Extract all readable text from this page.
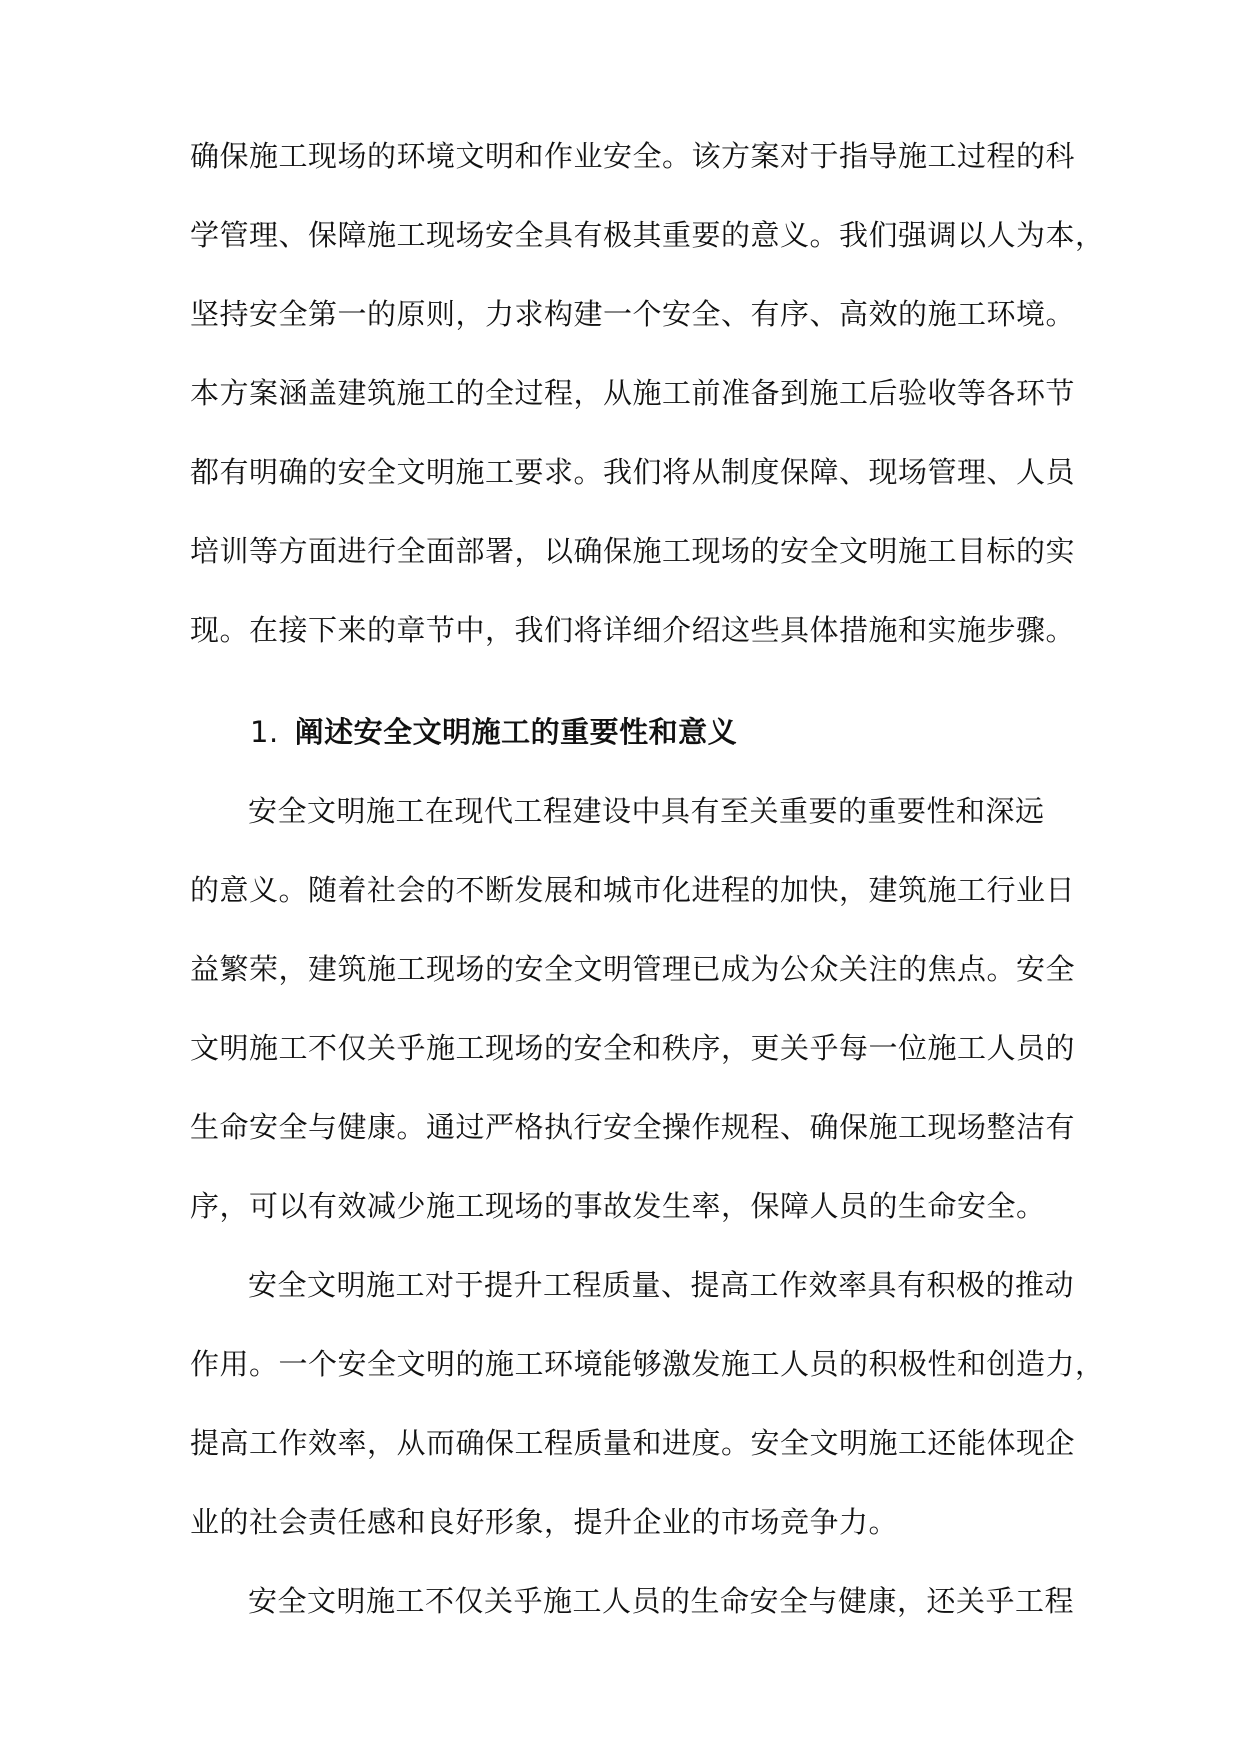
确保施工现场的环境文明和作业安全。该方案对于指导施工过程的科
学管理、保障施工现场安全具有极其重要的意义。我们强调以人为本，
坚持安全第一的原则，力求构建一个安全、有序、高效的施工环境。
本方案涵盖建筑施工的全过程，从施工前准备到施工后验收等各环节
都有明确的安全文明施工要求。我们将从制度保障、现场管理、人员
培训等方面进行全面部署，以确保施工现场的安全文明施工目标的实
现。在接下来的章节中，我们将详细介绍这些具体措施和实施步骤。
1. 阐述安全文明施工的重要性和意义
安全文明施工在现代工程建设中具有至关重要的重要性和深远
的意义。随着社会的不断发展和城市化进程的加快，建筑施工行业日
益繁荣，建筑施工现场的安全文明管理已成为公众关注的焦点。安全
文明施工不仅关乎施工现场的安全和秩序，更关乎每一位施工人员的
生命安全与健康。通过严格执行安全操作规程、确保施工现场整洁有
序，可以有效减少施工现场的事故发生率，保障人员的生命安全。
安全文明施工对于提升工程质量、提高工作效率具有积极的推动
作用。一个安全文明的施工环境能够激发施工人员的积极性和创造力，
提高工作效率，从而确保工程质量和进度。安全文明施工还能体现企
业的社会责任感和良好形象，提升企业的市场竞争力。
安全文明施工不仅关乎施工人员的生命安全与健康，还关乎工程
